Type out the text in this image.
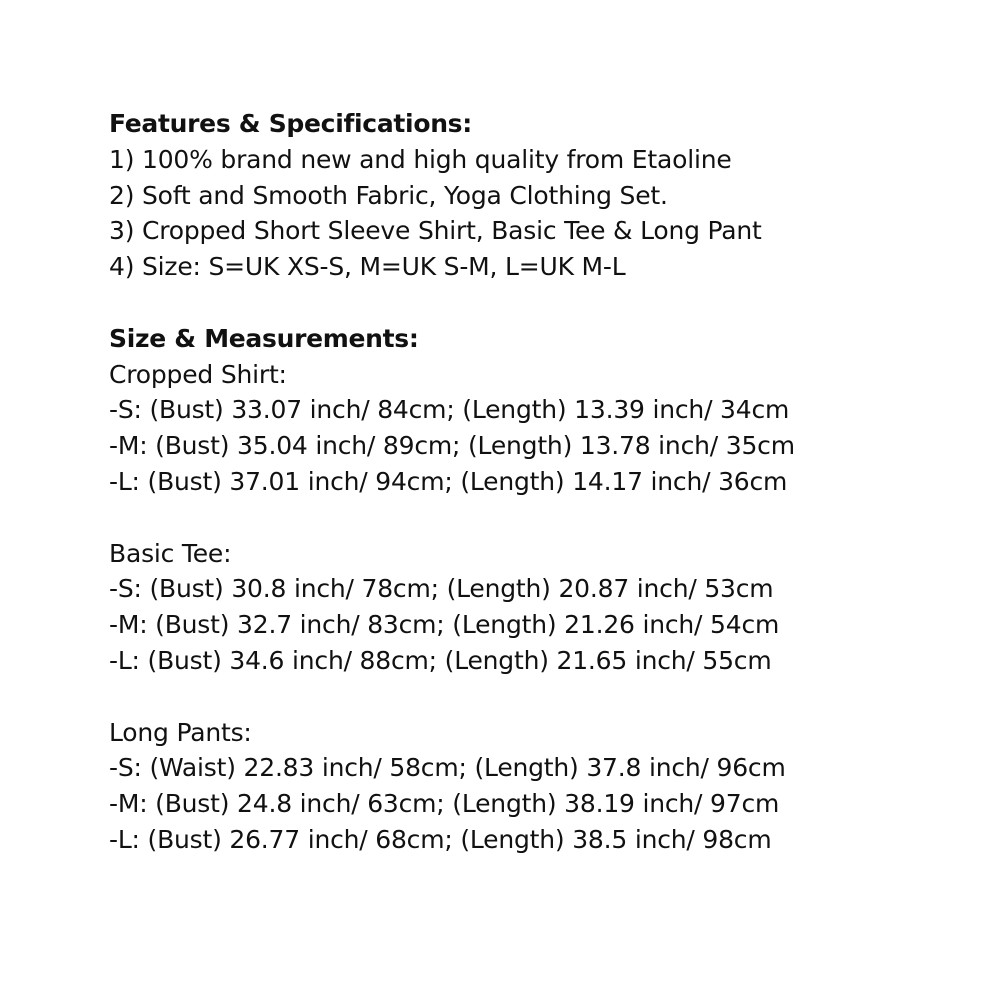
Features & Specifications:
1) 100% brand new and high quality from Etaoline
2) Soft and Smooth Fabric, Yoga Clothing Set.
3) Cropped Short Sleeve Shirt, Basic Tee & Long Pant
4) Size: S=UK XS-S, M=UK S-M, L=UK M-L
Size & Measurements:
Cropped Shirt:
-S: (Bust) 33.07 inch/ 84cm; (Length) 13.39 inch/ 34cm
-M: (Bust) 35.04 inch/ 89cm; (Length) 13.78 inch/ 35cm
-L: (Bust) 37.01 inch/ 94cm; (Length) 14.17 inch/ 36cm
Basic Tee:
-S: (Bust) 30.8 inch/ 78cm; (Length) 20.87 inch/ 53cm
-M: (Bust) 32.7 inch/ 83cm; (Length) 21.26 inch/ 54cm
-L: (Bust) 34.6 inch/ 88cm; (Length) 21.65 inch/ 55cm
Long Pants:
-S: (Waist) 22.83 inch/ 58cm; (Length) 37.8 inch/ 96cm
-M: (Bust) 24.8 inch/ 63cm; (Length) 38.19 inch/ 97cm
-L: (Bust) 26.77 inch/ 68cm; (Length) 38.5 inch/ 98cm
